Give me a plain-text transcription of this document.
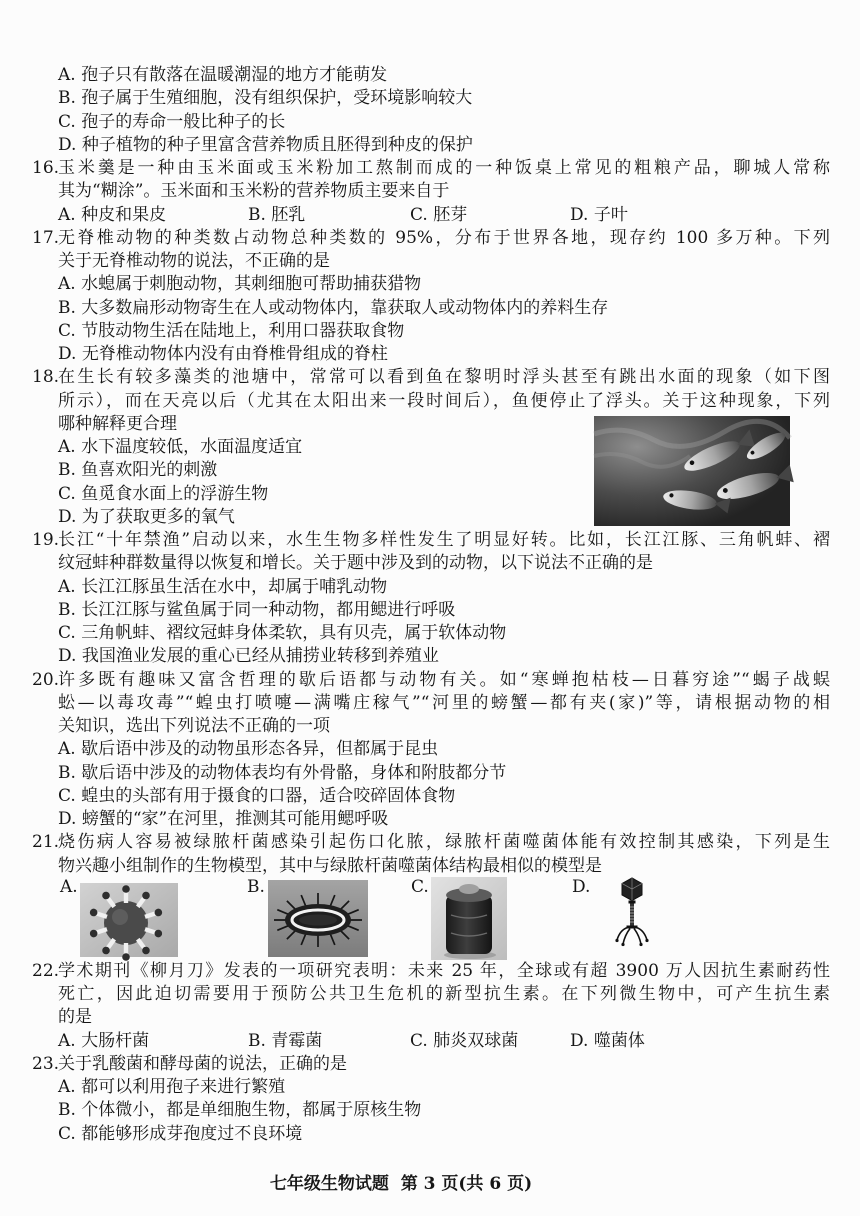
A. 孢子只有散落在温暖潮湿的地方才能萌发
B. 孢子属于生殖细胞，没有组织保护，受环境影响较大
C. 孢子的寿命一般比种子的长
D. 种子植物的种子里富含营养物质且胚得到种皮的保护
16.
玉米羹是一种由玉米面或玉米粉加工熬制而成的一种饭桌上常见的粗粮产品，聊城人常称
其为“糊涂”。玉米面和玉米粉的营养物质主要来自于
A. 种皮和果皮	B. 胚乳	C. 胚芽	D. 子叶
17.
无脊椎动物的种类数占动物总种类数的 95%，分布于世界各地，现存约 100 多万种。下列
关于无脊椎动物的说法，不正确的是
A. 水螅属于刺胞动物，其刺细胞可帮助捕获猎物
B. 大多数扁形动物寄生在人或动物体内，靠获取人或动物体内的养料生存
C. 节肢动物生活在陆地上，利用口器获取食物
D. 无脊椎动物体内没有由脊椎骨组成的脊柱
18.
在生长有较多藻类的池塘中，常常可以看到鱼在黎明时浮头甚至有跳出水面的现象（如下图
所示），而在天亮以后（尤其在太阳出来一段时间后），鱼便停止了浮头。关于这种现象，下列
哪种解释更合理
A. 水下温度较低，水面温度适宜
B. 鱼喜欢阳光的刺激
C. 鱼觅食水面上的浮游生物
D. 为了获取更多的氧气
19.
长江“十年禁渔”启动以来，水生生物多样性发生了明显好转。比如，长江江豚、三角帆蚌、褶
纹冠蚌种群数量得以恢复和增长。关于题中涉及到的动物，以下说法不正确的是
A. 长江江豚虽生活在水中，却属于哺乳动物
B. 长江江豚与鲨鱼属于同一种动物，都用鳃进行呼吸
C. 三角帆蚌、褶纹冠蚌身体柔软，具有贝壳，属于软体动物
D. 我国渔业发展的重心已经从捕捞业转移到养殖业
20.
许多既有趣味又富含哲理的歇后语都与动物有关。如“寒蝉抱枯枝—日暮穷途”“蝎子战蜈
蚣—以毒攻毒”“蝗虫打喷嚏—满嘴庄稼气”“河里的螃蟹—都有夹(家)”等，请根据动物的相
关知识，选出下列说法不正确的一项
A. 歇后语中涉及的动物虽形态各异，但都属于昆虫
B. 歇后语中涉及的动物体表均有外骨骼，身体和附肢都分节
C. 蝗虫的头部有用于摄食的口器，适合咬碎固体食物
D. 螃蟹的“家”在河里，推测其可能用鳃呼吸
21.
烧伤病人容易被绿脓杆菌感染引起伤口化脓，绿脓杆菌噬菌体能有效控制其感染，下列是生
物兴趣小组制作的生物模型，其中与绿脓杆菌噬菌体结构最相似的模型是
22.
学术期刊《柳月刀》发表的一项研究表明：未来 25 年，全球或有超 3900 万人因抗生素耐药性
死亡，因此迫切需要用于预防公共卫生危机的新型抗生素。在下列微生物中，可产生抗生素
的是
A. 大肠杆菌	B. 青霉菌	C. 肺炎双球菌	D. 噬菌体
23.
关于乳酸菌和酵母菌的说法，正确的是
A. 都可以利用孢子来进行繁殖
B. 个体微小，都是单细胞生物，都属于原核生物
C. 都能够形成芽孢度过不良环境
A.	B.	C.	D.
七年级生物试题  第 3 页(共 6 页)
